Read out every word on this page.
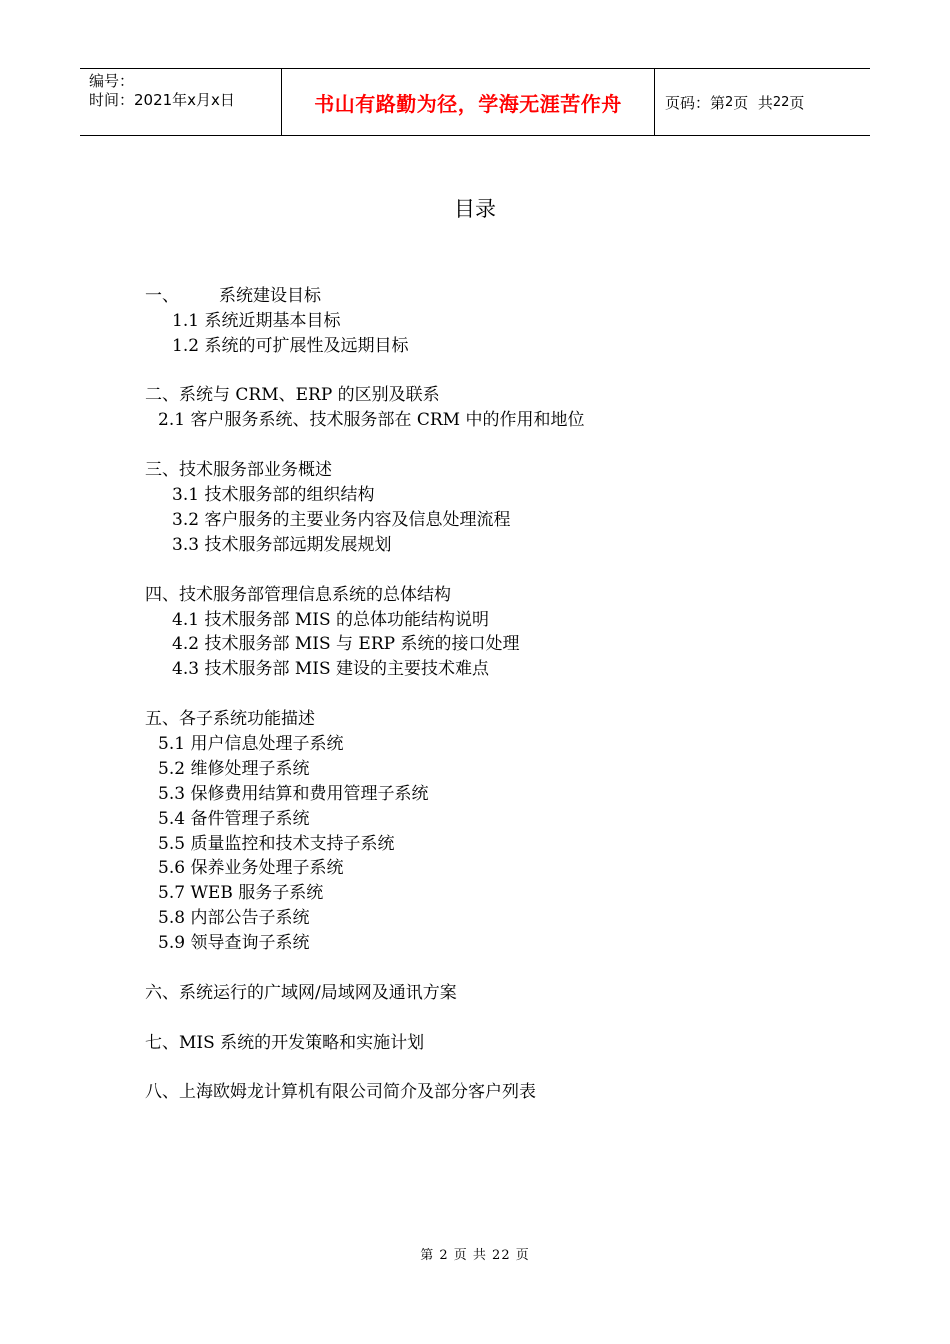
编号：
时间：2021年x月x日	书山有路勤为径，学海无涯苦作舟	页码：第 2 页  共 22 页
目录
一、 系统建设目标
1.1 系统近期基本目标
1.2 系统的可扩展性及远期目标
二、系统与 CRM、ERP 的区别及联系
2.1 客户服务系统、技术服务部在 CRM 中的作用和地位
三、技术服务部业务概述
3.1 技术服务部的组织结构
3.2 客户服务的主要业务内容及信息处理流程
3.3 技术服务部远期发展规划
四、技术服务部管理信息系统的总体结构
4.1 技术服务部 MIS 的总体功能结构说明
4.2 技术服务部 MIS 与 ERP 系统的接口处理
4.3 技术服务部 MIS 建设的主要技术难点
五、各子系统功能描述
5.1 用户信息处理子系统
5.2 维修处理子系统
5.3 保修费用结算和费用管理子系统
5.4 备件管理子系统
5.5 质量监控和技术支持子系统
5.6 保养业务处理子系统
5.7 WEB 服务子系统
5.8 内部公告子系统
5.9 领导查询子系统
六、系统运行的广域网/局域网及通讯方案
七、MIS 系统的开发策略和实施计划
八、上海欧姆龙计算机有限公司简介及部分客户列表
第 2 页 共 22 页
